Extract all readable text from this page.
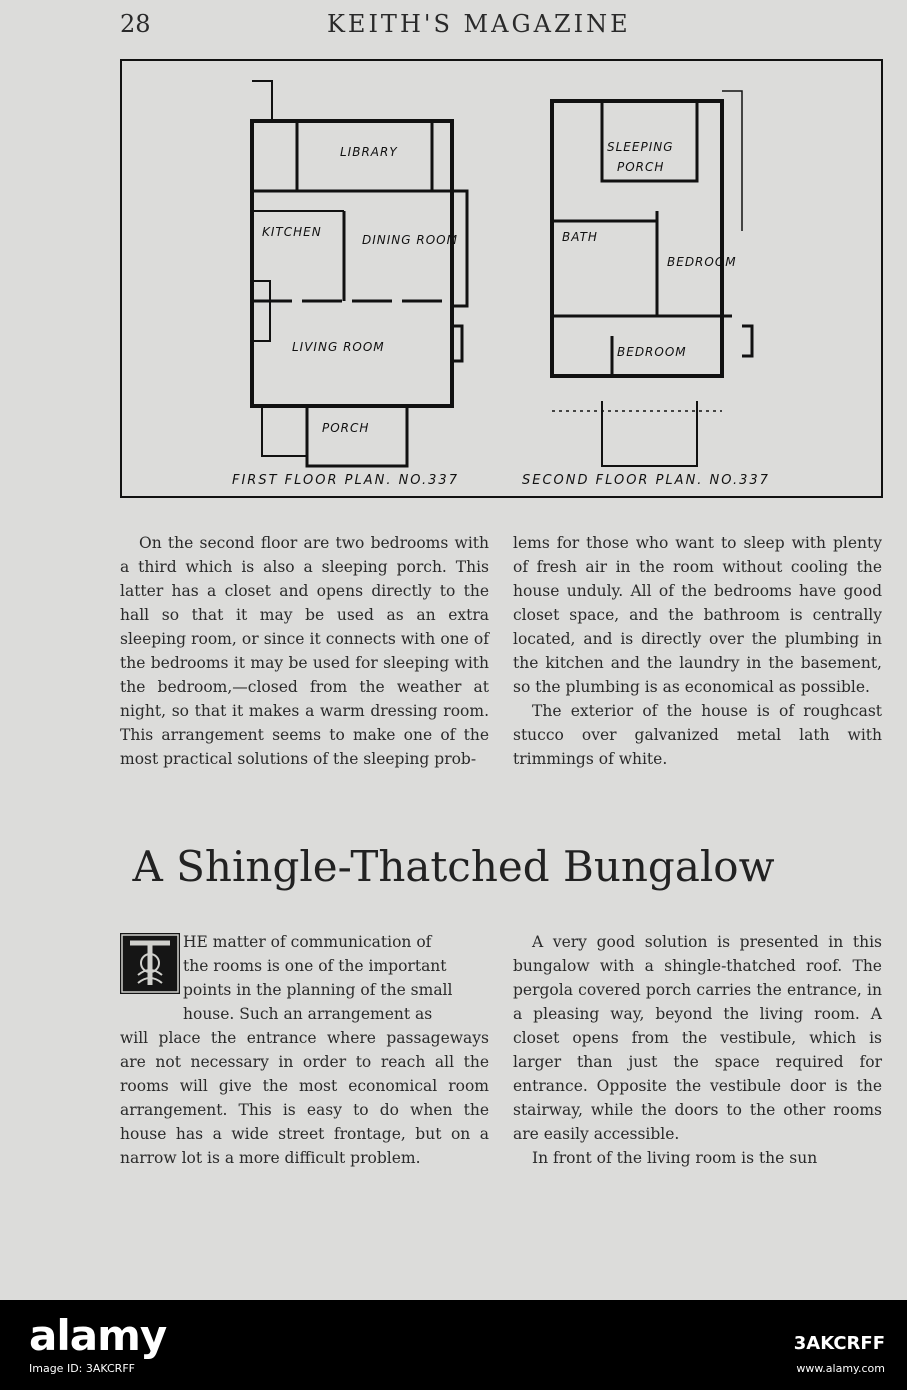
28	KEITH'S MAGAZINE
LIBRARY
KITCHEN
DINING ROOM
LIVING ROOM
PORCH
SLEEPING
PORCH
BATH
BEDROOM
BEDROOM
FIRST FLOOR PLAN. NO.337	SECOND FLOOR PLAN. NO.337

On the second floor are two bedrooms with a third which is also a sleeping porch. This latter has a closet and opens directly to the hall so that it may be used as an extra sleeping room, or since it connects with one of the bedrooms it may be used for sleeping with the bedroom,—closed from the weather at night, so that it makes a warm dressing room. This arrangement seems to make one of the most practical solutions of the sleeping prob-

lems for those who want to sleep with plenty of fresh air in the room without cooling the house unduly. All of the bedrooms have good closet space, and the bathroom is centrally located, and is directly over the plumbing in the kitchen and the laundry in the basement, so the plumbing is as economical as possible.

The exterior of the house is of roughcast stucco over galvanized metal lath with trimmings of white.

A Shingle-Thatched Bungalow
HE matter of communication of
the rooms is one of the important
points in the planning of the small
house. Such an arrangement as
will place the entrance where passageways are not necessary in order to reach all the rooms will give the most economical room arrangement. This is easy to do when the house has a wide street frontage, but on a narrow lot is a more difficult problem.

A very good solution is presented in this bungalow with a shingle-thatched roof. The pergola covered porch carries the entrance, in a pleasing way, beyond the living room. A closet opens from the vestibule, which is larger than just the space required for entrance. Opposite the vestibule door is the stairway, while the doors to the other rooms are easily accessible.

In front of the living room is the sun

alamy
Image ID: 3AKCRFF
3AKCRFF
www.alamy.com
